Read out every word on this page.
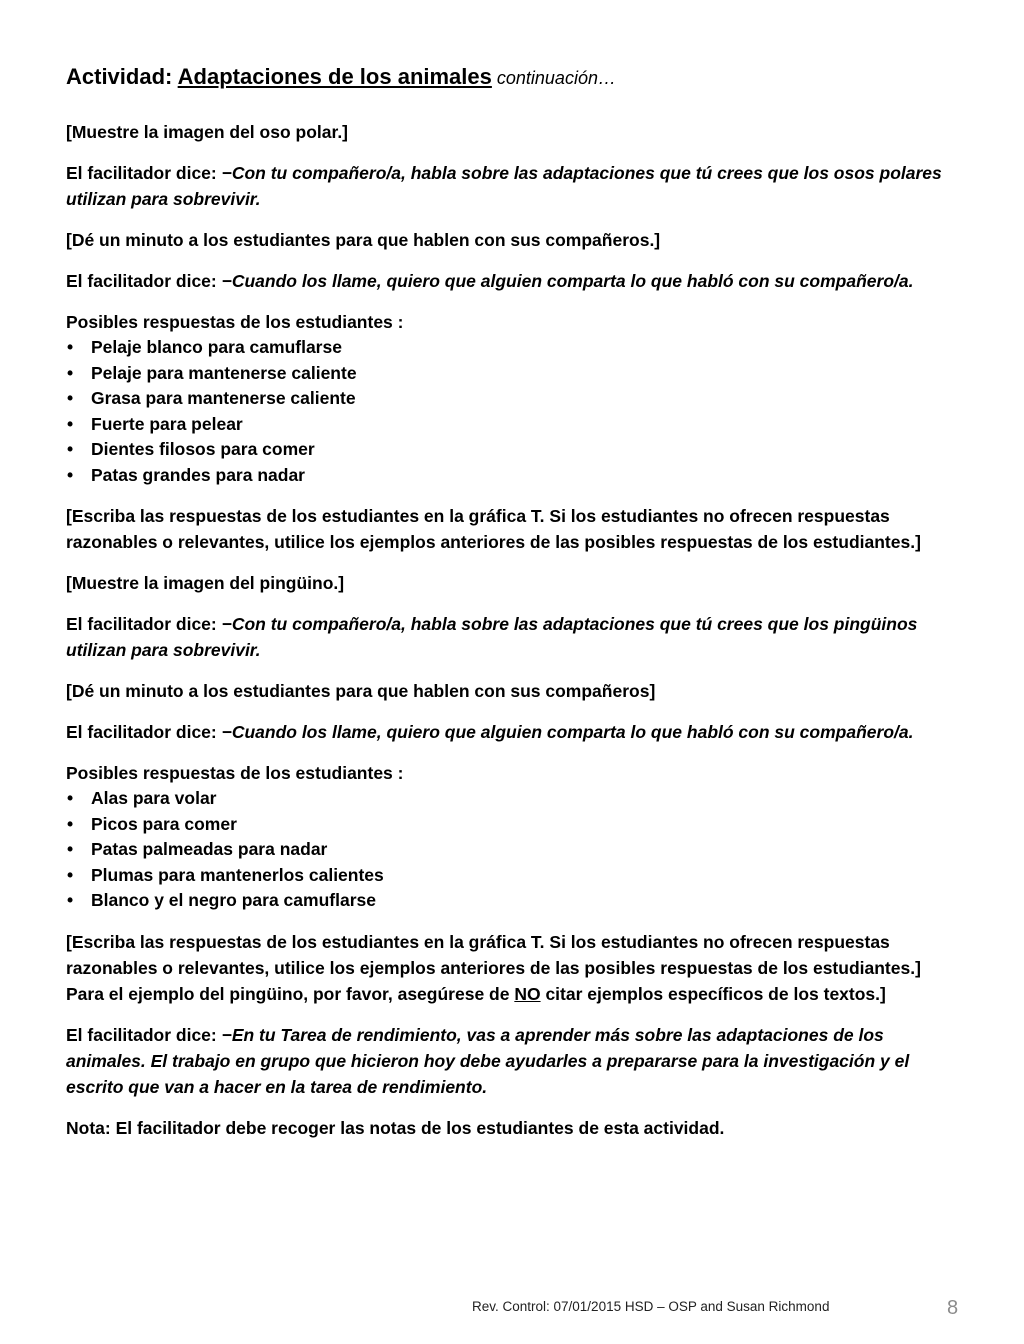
Actividad: Adaptaciones de los animales continuación…

[Muestre la imagen del oso polar.]

El facilitador dice: −Con tu compañero/a, habla sobre las adaptaciones que tú crees que los osos polares utilizan para sobrevivir.

[Dé un minuto a los estudiantes para que hablen con sus compañeros.]

El facilitador dice: −Cuando los llame, quiero que alguien comparta lo que habló con su compañero/a.

Posibles respuestas de los estudiantes :

• Pelaje blanco para camuflarse
• Pelaje para mantenerse caliente
• Grasa para mantenerse caliente
• Fuerte para pelear
• Dientes filosos para comer
• Patas grandes para nadar

[Escriba las respuestas de los estudiantes en la gráfica T. Si los estudiantes no ofrecen respuestas razonables o relevantes, utilice los ejemplos anteriores de las posibles respuestas de los estudiantes.]

[Muestre la imagen del pingüino.]

El facilitador dice: −Con tu compañero/a, habla sobre las adaptaciones que tú crees que los pingüinos utilizan para sobrevivir.

[Dé un minuto a los estudiantes para que hablen con sus compañeros]

El facilitador dice: −Cuando los llame, quiero que alguien comparta lo que habló con su compañero/a.

Posibles respuestas de los estudiantes :

• Alas para volar
• Picos para comer
• Patas palmeadas para nadar
• Plumas para mantenerlos calientes
• Blanco y el negro para camuflarse

[Escriba las respuestas de los estudiantes en la gráfica T. Si los estudiantes no ofrecen respuestas razonables o relevantes, utilice los ejemplos anteriores de las posibles respuestas de los estudiantes.]
Para el ejemplo del pingüino, por favor, asegúrese de NO citar ejemplos específicos de los textos.]

El facilitador dice: −En tu Tarea de rendimiento, vas a aprender más sobre las adaptaciones de los animales. El trabajo en grupo que hicieron hoy debe ayudarles a prepararse para la investigación y el escrito que van a hacer en la tarea de rendimiento.

Nota: El facilitador debe recoger las notas de los estudiantes de esta actividad.

Rev. Control: 07/01/2015 HSD – OSP and Susan Richmond	8
